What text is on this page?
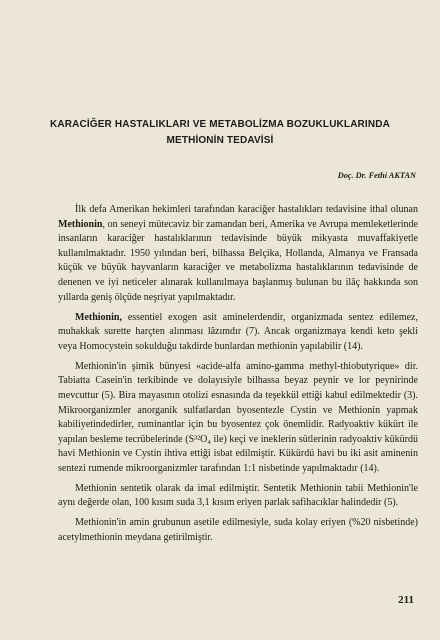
KARACİĞER HASTALIKLARI VE METABOLİZMA BOZUKLUKLARINDA
METHİONİN TEDAVİSİ
Doç. Dr. Fethi AKTAN

İlk defa Amerikan hekimleri tarafından karaciğer hastalıkları tedavisine ithal olunan Methionin, on seneyi mütecaviz bir zamandan beri, Amerika ve Avrupa memleketlerinde insanların karaciğer hastalıklarının tedavisinde büyük mikyasta muvaffakiyetle kullanılmaktadır. 1950 yılından beri, bilhassa Belçika, Hollanda, Almanya ve Fransada küçük ve büyük hayvanların karaciğer ve metabolizma hastalıklarının tedavisinde de denenen ve iyi neticeler alınarak kullanılmaya başlanmış bulunan bu ilâç hakkında son yıllarda geniş ölçüde neşriyat yapılmaktadır.

Methionin, essentiel exogen asit aminelerdendir, organizmada sentez edilemez, muhakkak surette harçten alınması lâzımdır (7). Ancak organizmaya kendi keto şekli veya Homocystein sokulduğu takdirde bunlardan methionin yapılabilir (14).

Methionin'in şimik bünyesi «acide-alfa amino-gamma methyl-thiobutyrique» dir. Tabiatta Casein'in terkibinde ve dolayısiyle bilhassa beyaz peynir ve lor peynirinde mevcuttur (5). Bira mayasının otolizi esnasında da teşekkül ettiği kabul edilmektedir (3). Mikroorganizmler anorganik sulfatlardan byosentezle Cystin ve Methionin yapmak kabiliyetindedirler, ruminantlar için bu byosentez çok önemlidir. Radyoaktiv kükürt ile yapılan besleme tecrübelerinde (S³²O₄ ile) keçi ve ineklerin sütlerinin radyoaktiv kükürdü havi Methionin ve Cystin ihtiva ettiği isbat edilmiştir. Kükürdü havi bu iki asit aminenin sentezi rumende mikroorganizmler tarafından 1:1 nisbetinde yapılmaktadır (14).

Methionin sentetik olarak da imal edilmiştir. Sentetik Methionin tabii Methionin'le aynı değerde olan, 100 kısım suda 3,1 kısım eriyen parlak safihacıklar halindedir (5).

Methionin'in amin grubunun asetile edilmesiyle, suda kolay eriyen (%20 nisbetinde) acetylmethionin meydana getirilmiştir.

211
